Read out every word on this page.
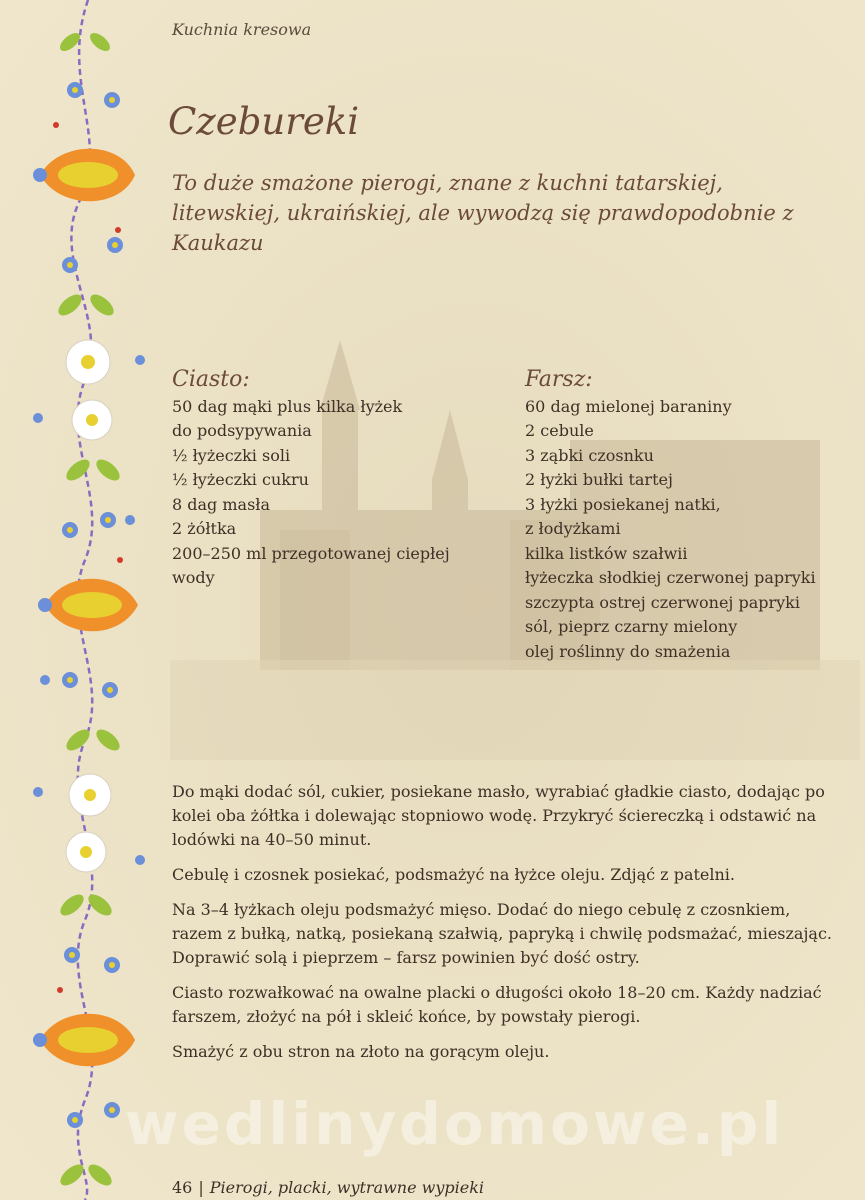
Kuchnia kresowa
Czebureki

To duże smażone pierogi, znane z kuchni tatarskiej, litewskiej, ukraińskiej, ale wywodzą się prawdopodobnie z Kaukazu

Ciasto:
50 dag mąki plus kilka łyżek
do podsypywania
½ łyżeczki soli
½ łyżeczki cukru
8 dag masła
2 żółtka
200–250 ml przegotowanej ciepłej
wody
Farsz:
60 dag mielonej baraniny
2 cebule
3 ząbki czosnku
2 łyżki bułki tartej
3 łyżki posiekanej natki,
z łodyżkami
kilka listków szałwii
łyżeczka słodkiej czerwonej papryki
szczypta ostrej czerwonej papryki
sól, pieprz czarny mielony
olej roślinny do smażenia

Do mąki dodać sól, cukier, posiekane masło, wyrabiać gładkie ciasto, dodając po kolei oba żółtka i dolewając stopniowo wodę. Przykryć ściereczką i odstawić na lodówki na 40–50 minut.

Cebulę i czosnek posiekać, podsmażyć na łyżce oleju. Zdjąć z patelni.

Na 3–4 łyżkach oleju podsmażyć mięso. Dodać do niego cebulę z czosnkiem, razem z bułką, natką, posiekaną szałwią, papryką i chwilę podsmażać, mieszając. Doprawić solą i pieprzem – farsz powinien być dość ostry.

Ciasto rozwałkować na owalne placki o długości około 18–20 cm. Każdy nadziać farszem, złożyć na pół i skleić końce, by powstały pierogi.

Smażyć z obu stron na złoto na gorącym oleju.

wedlinydomowe.pl
46 | Pierogi, placki, wytrawne wypieki
